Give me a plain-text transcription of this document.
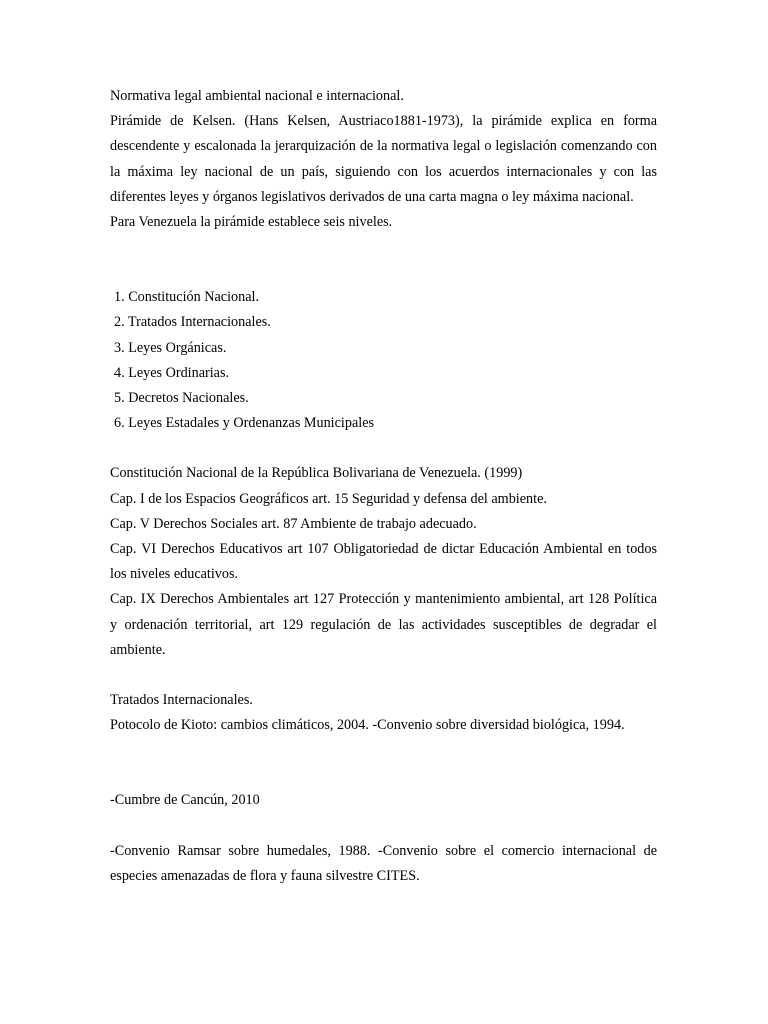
Normativa legal ambiental nacional e internacional.

Pirámide de Kelsen. (Hans Kelsen, Austriaco1881-1973), la pirámide explica en forma descendente y escalonada la jerarquización de la normativa legal o legislación comenzando con la máxima ley nacional de un país, siguiendo con los acuerdos internacionales y con las diferentes leyes y órganos legislativos derivados de una carta magna o ley máxima nacional.

Para Venezuela la pirámide establece seis niveles.

1. Constitución Nacional.
2. Tratados Internacionales.
3. Leyes Orgánicas.
4. Leyes Ordinarias.
5. Decretos Nacionales.
6. Leyes Estadales y Ordenanzas Municipales

Constitución Nacional de la República Bolivariana de Venezuela. (1999)

Cap. I de los Espacios Geográficos art. 15 Seguridad y defensa del ambiente.

Cap. V Derechos Sociales art. 87 Ambiente de trabajo adecuado.

Cap. VI Derechos Educativos art 107 Obligatoriedad de dictar Educación Ambiental en todos los niveles educativos.

Cap. IX Derechos Ambientales art 127 Protección y mantenimiento ambiental, art 128 Política y ordenación territorial, art 129 regulación de las actividades susceptibles de degradar el ambiente.

Tratados Internacionales.

Potocolo de Kioto: cambios climáticos, 2004. -Convenio sobre diversidad biológica, 1994.

-Cumbre de Cancún, 2010

-Convenio Ramsar sobre humedales, 1988. -Convenio sobre el comercio internacional de especies amenazadas de flora y fauna silvestre CITES.
